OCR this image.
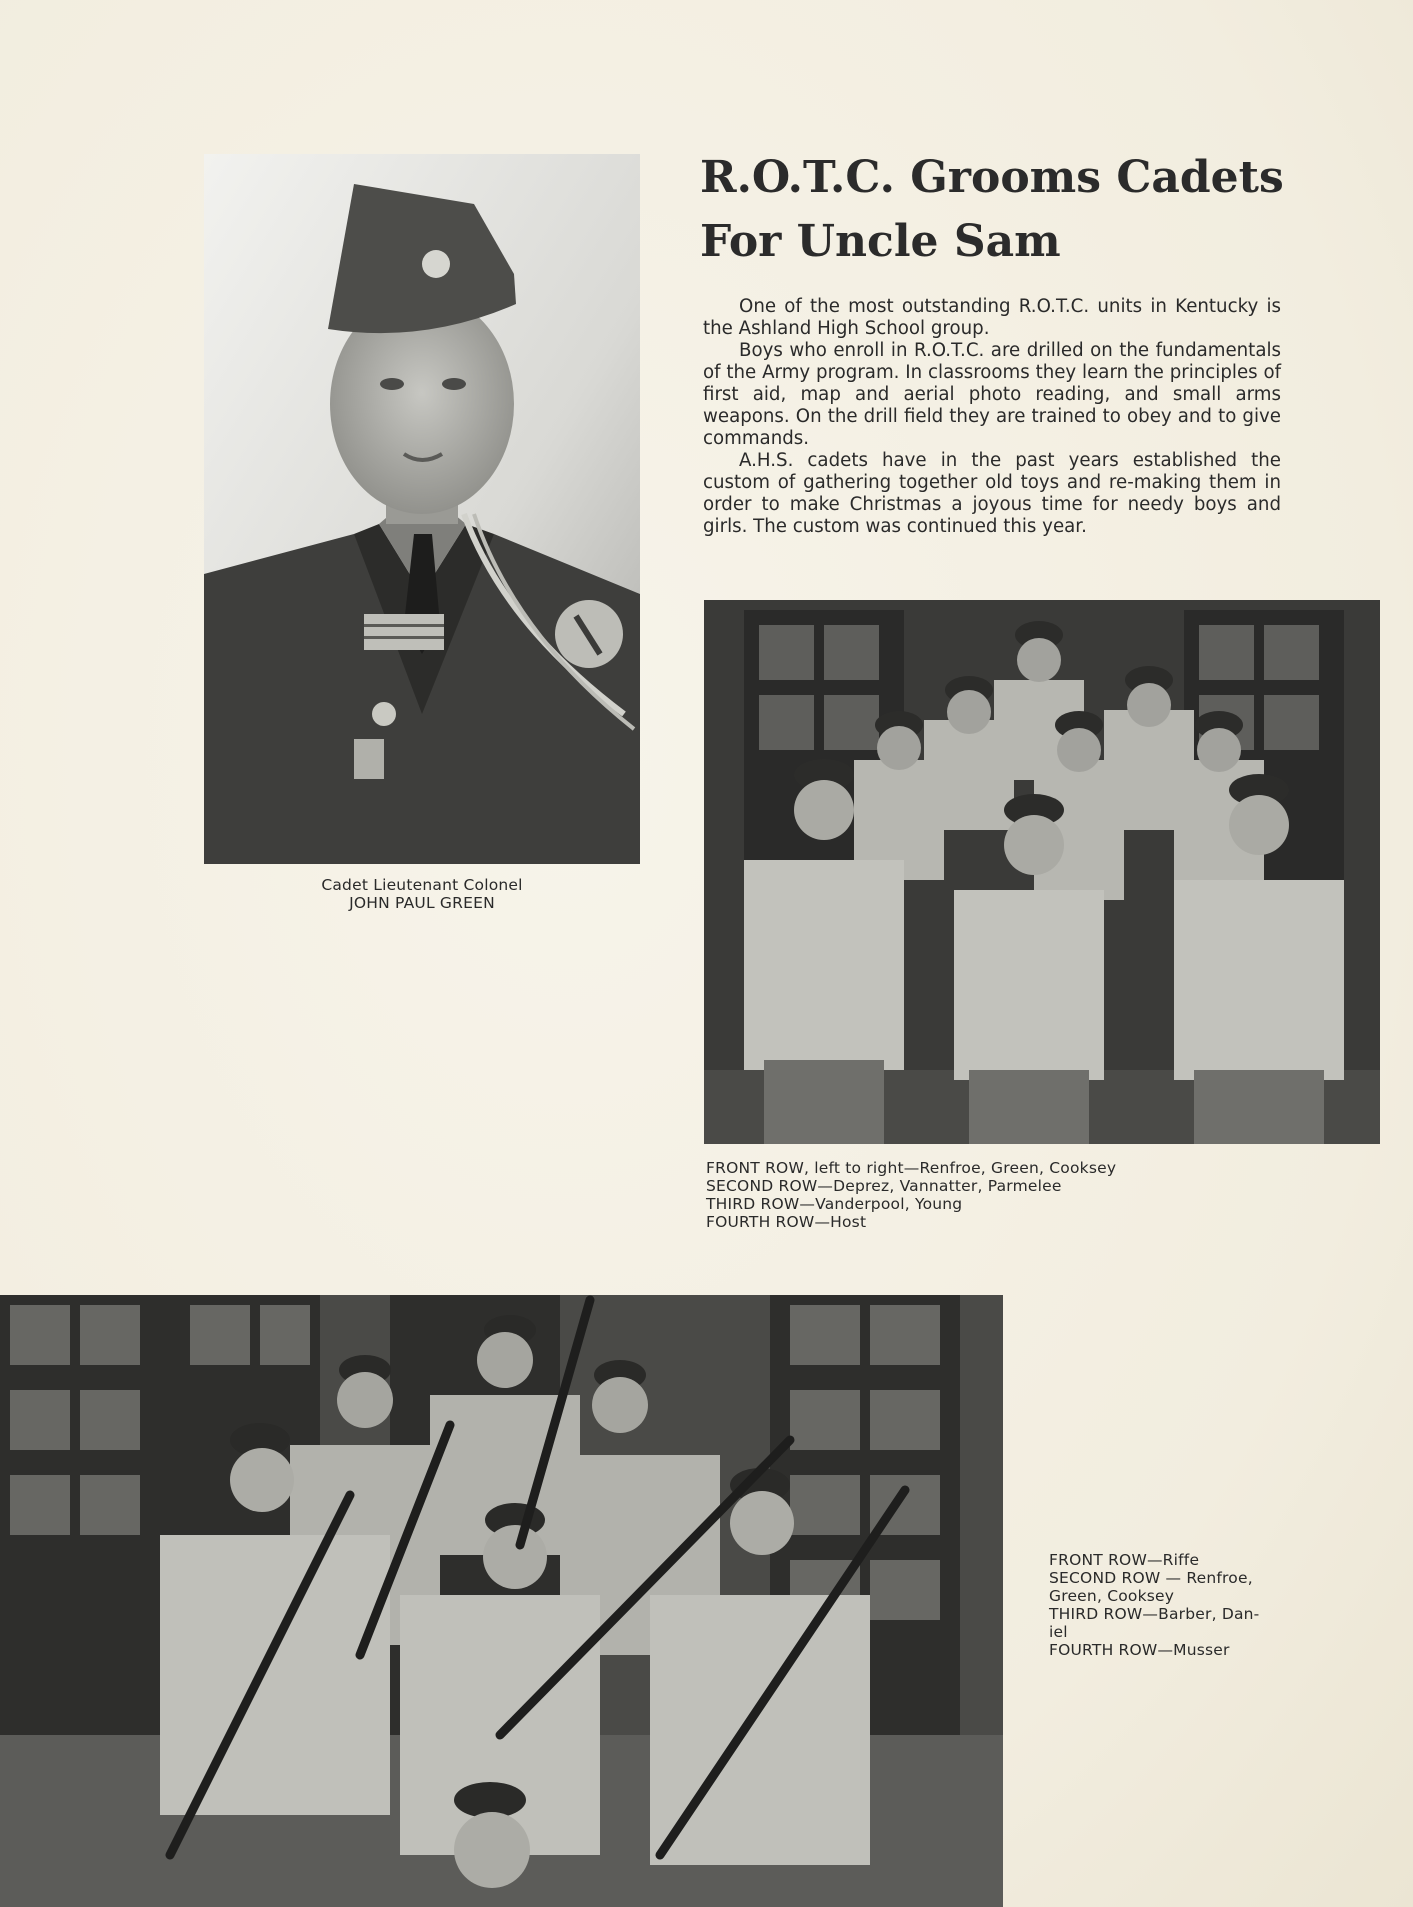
Cadet Lieutenant Colonel
JOHN PAUL GREEN
R.O.T.C. Grooms Cadets
For Uncle Sam

One of the most outstanding R.O.T.C. units in Kentucky is the Ashland High School group.

Boys who enroll in R.O.T.C. are drilled on the fundamentals of the Army program. In classrooms they learn the principles of first aid, map and aerial photo reading, and small arms weapons. On the drill field they are trained to obey and to give commands.

A.H.S. cadets have in the past years established the custom of gathering together old toys and re-making them in order to make Christmas a joyous time for needy boys and girls. The custom was continued this year.

FRONT ROW, left to right—Renfroe, Green, Cooksey
SECOND ROW—Deprez, Vannatter, Parmelee
THIRD ROW—Vanderpool, Young
FOURTH ROW—Host
FRONT ROW—Riffe
SECOND ROW — Renfroe,
Green, Cooksey
THIRD ROW—Barber, Dan-
iel
FOURTH ROW—Musser
